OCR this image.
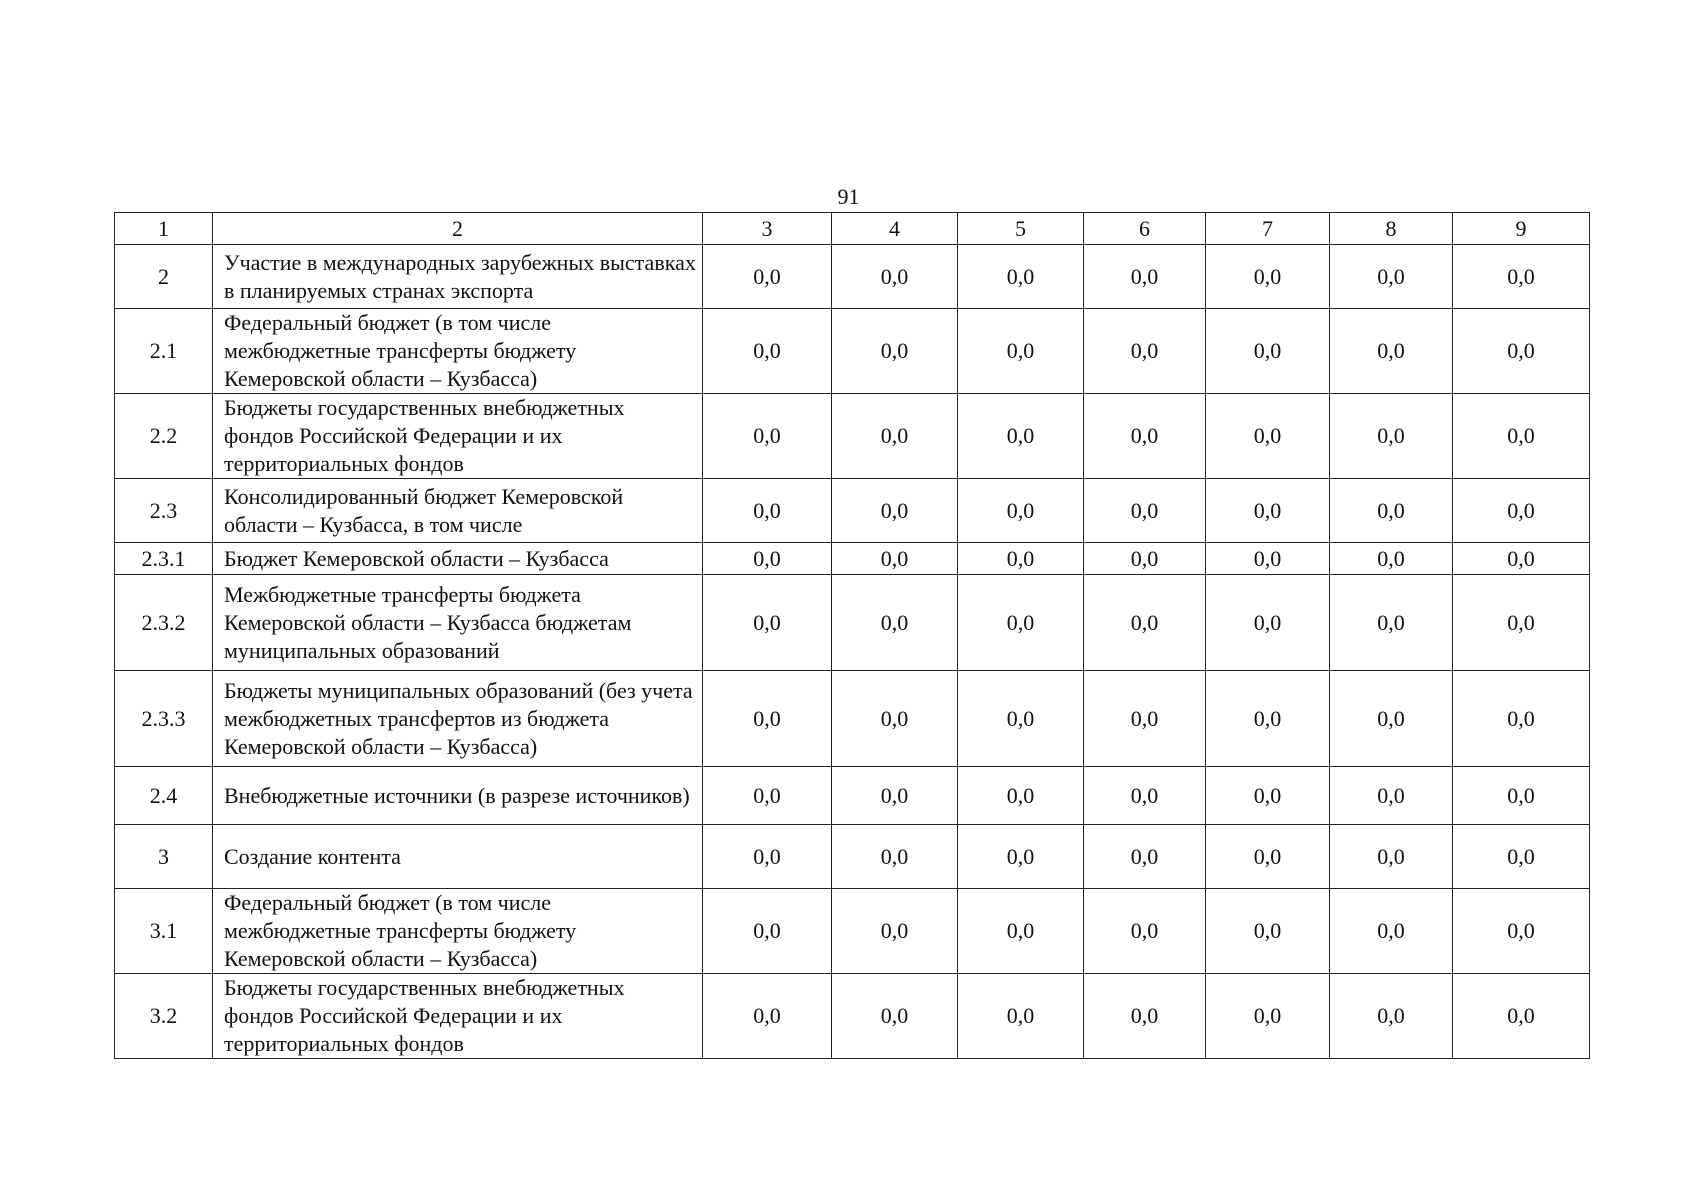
91
1	2	3	4	5	6	7	8	9
2	Участие в международных зарубежных выставках в планируемых странах экспорта	0,0	0,0	0,0	0,0	0,0	0,0	0,0
2.1	Федеральный бюджет (в том числе межбюджетные трансферты бюджету Кемеровской области – Кузбасса)	0,0	0,0	0,0	0,0	0,0	0,0	0,0
2.2	Бюджеты государственных внебюджетных фондов Российской Федерации и их территориальных фондов	0,0	0,0	0,0	0,0	0,0	0,0	0,0
2.3	Консолидированный бюджет Кемеровской области – Кузбасса, в том числе	0,0	0,0	0,0	0,0	0,0	0,0	0,0
2.3.1	Бюджет Кемеровской области – Кузбасса	0,0	0,0	0,0	0,0	0,0	0,0	0,0
2.3.2	Межбюджетные трансферты бюджета Кемеровской области – Кузбасса бюджетам муниципальных образований	0,0	0,0	0,0	0,0	0,0	0,0	0,0
2.3.3	Бюджеты муниципальных образований (без учета межбюджетных трансфертов из бюджета Кемеровской области – Кузбасса)	0,0	0,0	0,0	0,0	0,0	0,0	0,0
2.4	Внебюджетные источники (в разрезе источников)	0,0	0,0	0,0	0,0	0,0	0,0	0,0
3	Создание контента	0,0	0,0	0,0	0,0	0,0	0,0	0,0
3.1	Федеральный бюджет (в том числе межбюджетные трансферты бюджету Кемеровской области – Кузбасса)	0,0	0,0	0,0	0,0	0,0	0,0	0,0
3.2	Бюджеты государственных внебюджетных фондов Российской Федерации и их территориальных фондов	0,0	0,0	0,0	0,0	0,0	0,0	0,0
